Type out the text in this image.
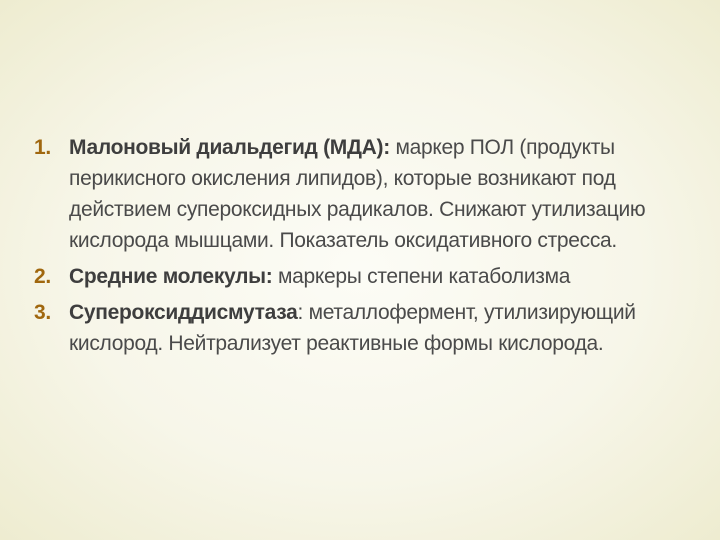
1. Малоновый диальдегид (МДА): маркер ПОЛ (продукты перикисного окисления липидов), которые возникают под действием супероксидных радикалов. Снижают утилизацию кислорода мышцами. Показатель оксидативного стресса.
2. Средние молекулы: маркеры степени катаболизма
3. Супероксиддисмутаза: металлофермент, утилизирующий кислород. Нейтрализует реактивные формы кислорода.
